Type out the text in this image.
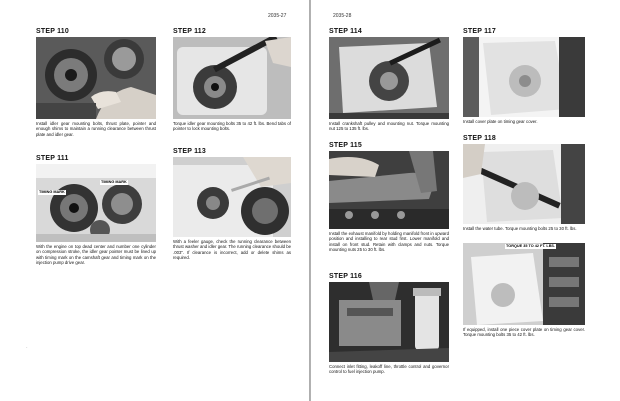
2035-27
STEP 110
Install idler gear mounting bolts, thrust plate, pointer and enough shims to maintain a running clearance between thrust plate and idler gear.
STEP 112
Torque idler gear mounting bolts 35 to 42 ft. lbs. Bend tabs of pointer to lock mounting bolts.
STEP 111
TIMING MARK
TIMING MARK
With the engine on top dead center and number one cylinder on compression stroke, the idler gear pointer must be lined up with timing mark on the camshaft gear and timing mark on the injection pump drive gear.
STEP 113
With a feeler gauge, check the running clearance between thrust washer and idler gear. The running clearance should be .003". If clearance is incorrect, add or delete shims as required.
·
2035-28
STEP 114
Install crankshaft pulley and mounting nut. Torque mounting nut 125 to 135 ft. lbs.
STEP 117
Install cover plate on timing gear cover.
STEP 115
Install the exhaust manifold by holding manifold front in upward position and installing to rear stud first. Lower manifold and install on front stud. Retain with clamps and nuts. Torque mounting nuts 25 to 30 ft. lbs.
STEP 118
Install the water tube. Torque mounting bolts 25 to 30 ft. lbs.
STEP 116
Connect inlet fitting, leakoff line, throttle control and governor control to fuel injection pump.
TORQUE 35 TO 42 FT. LBS.
If equipped, install one piece cover plate on timing gear cover. Torque mounting bolts 35 to 42 ft. lbs.
